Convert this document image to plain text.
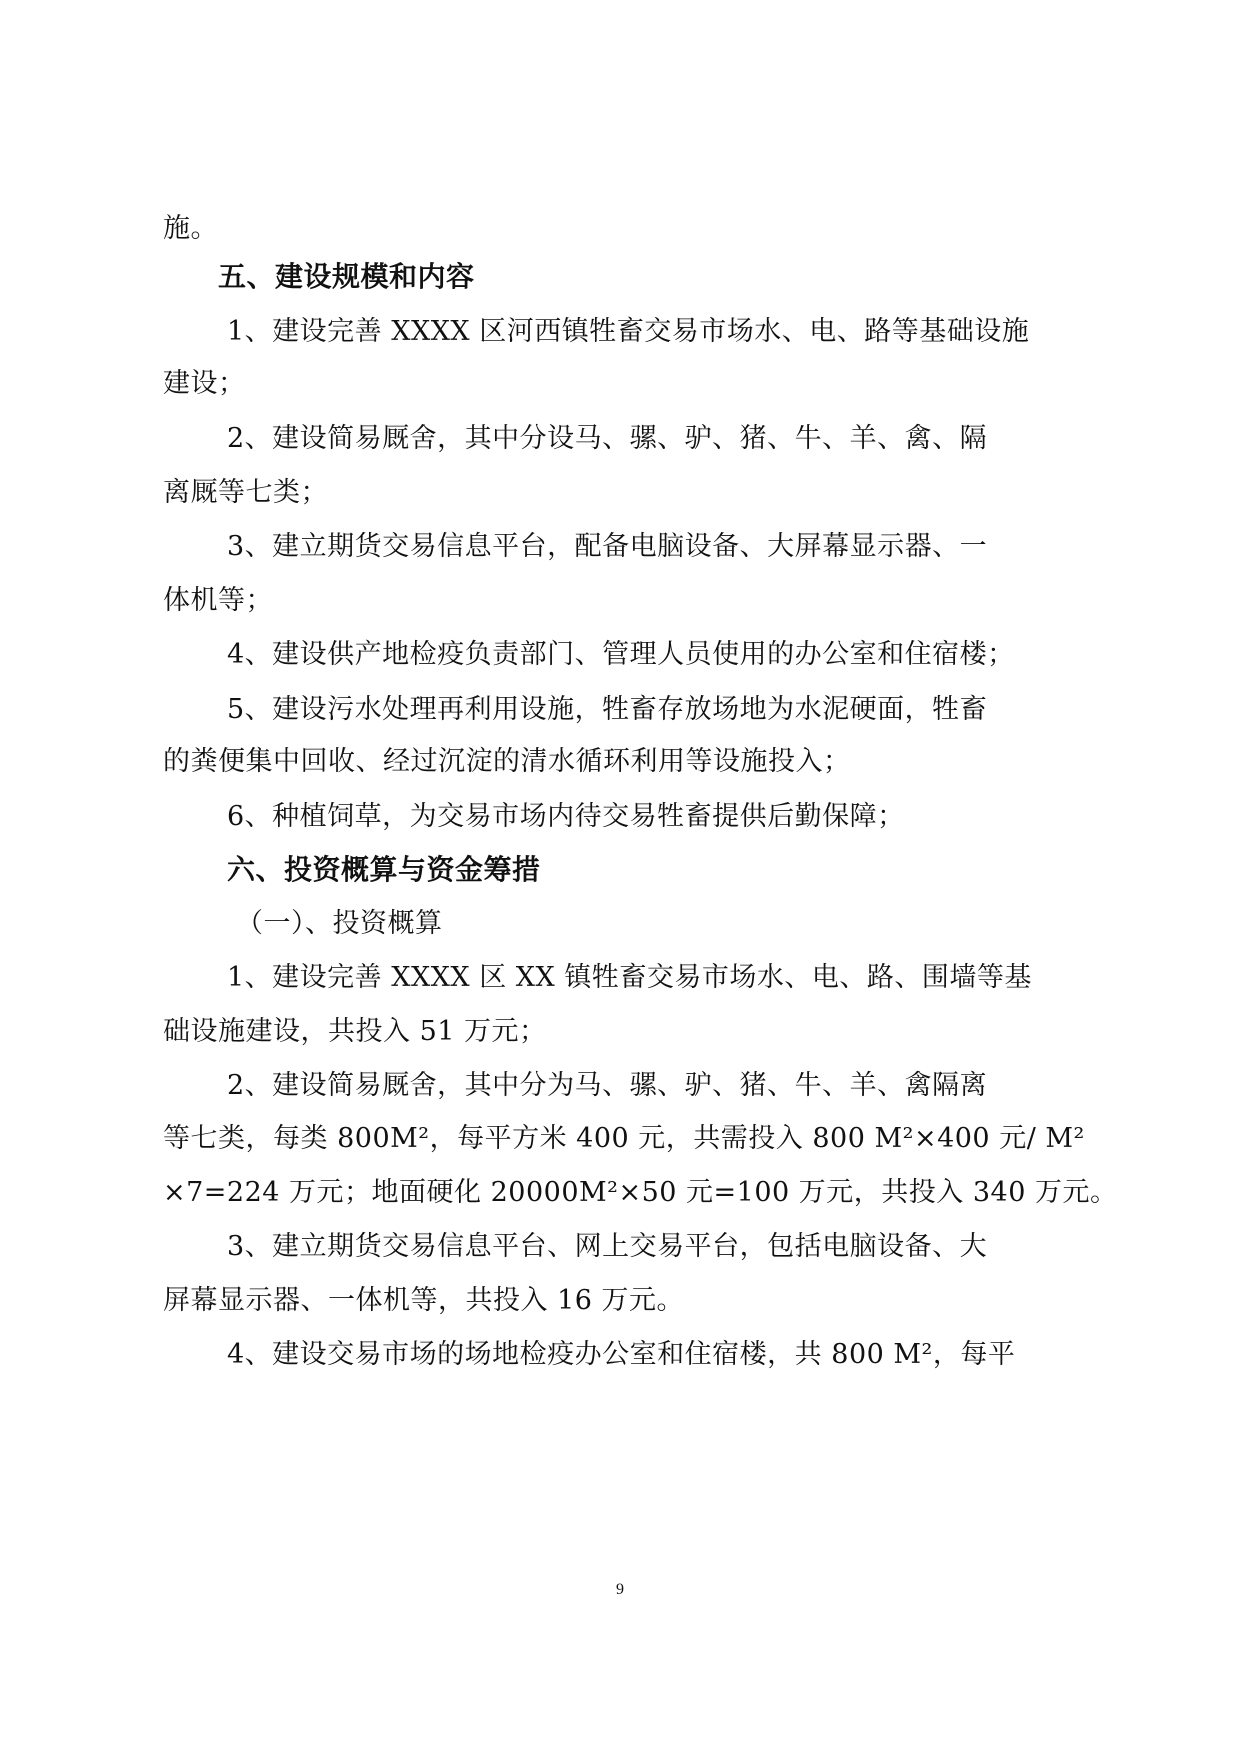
施。
五、建设规模和内容
1、建设完善 XXXX 区河西镇牲畜交易市场水、电、路等基础设施
建设；
2、建设简易厩舍，其中分设马、骡、驴、猪、牛、羊、禽、隔
离厩等七类；
3、建立期货交易信息平台，配备电脑设备、大屏幕显示器、一
体机等；
4、建设供产地检疫负责部门、管理人员使用的办公室和住宿楼；
5、建设污水处理再利用设施，牲畜存放场地为水泥硬面，牲畜
的粪便集中回收、经过沉淀的清水循环利用等设施投入；
6、种植饲草，为交易市场内待交易牲畜提供后勤保障；
六、投资概算与资金筹措
（一）、投资概算
1、建设完善 XXXX 区 XX 镇牲畜交易市场水、电、路、围墙等基
础设施建设，共投入 51 万元；
2、建设简易厩舍，其中分为马、骡、驴、猪、牛、羊、禽隔离
等七类，每类 800M²，每平方米 400 元，共需投入 800 M²×400 元/ M²
×7=224 万元；地面硬化 20000M²×50 元=100 万元，共投入 340 万元。
3、建立期货交易信息平台、网上交易平台，包括电脑设备、大
屏幕显示器、一体机等，共投入 16 万元。
4、建设交易市场的场地检疫办公室和住宿楼，共 800 M²，每平
9
